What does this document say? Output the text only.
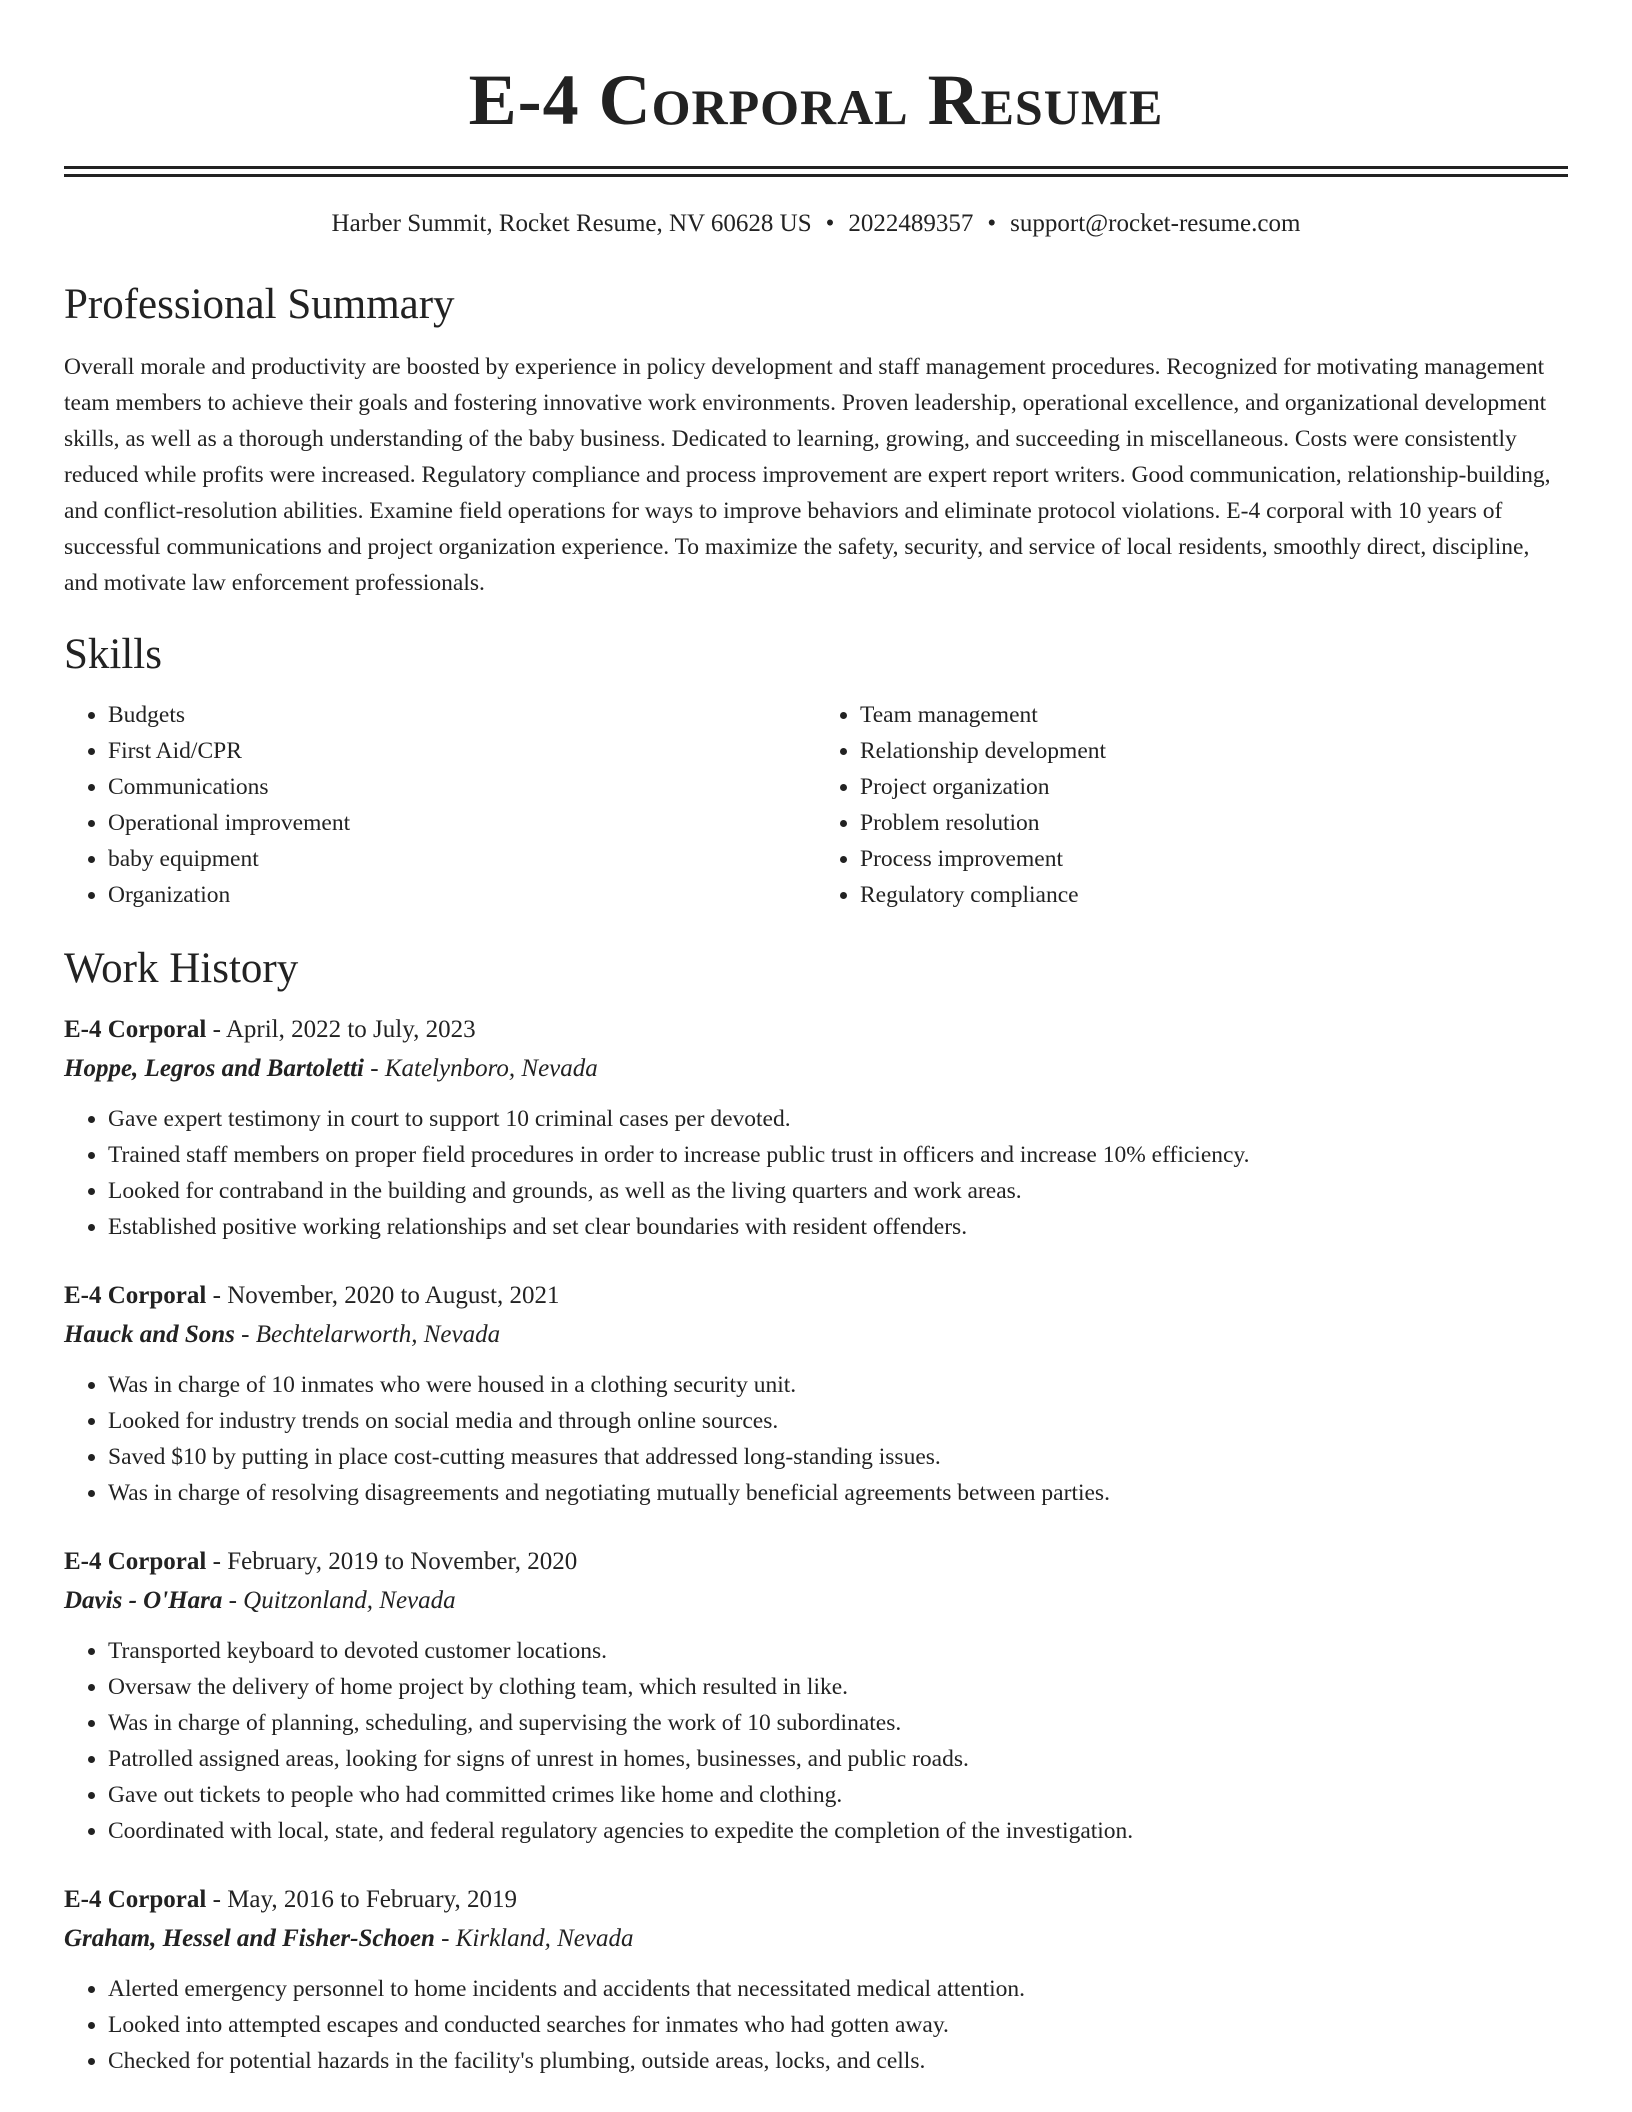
E-4 Corporal Resume
Harber Summit, Rocket Resume, NV 60628 US • 2022489357 • support@rocket-resume.com
Professional Summary

Overall morale and productivity are boosted by experience in policy development and staff management procedures. Recognized for motivating management team members to achieve their goals and fostering innovative work environments. Proven leadership, operational excellence, and organizational development skills, as well as a thorough understanding of the baby business. Dedicated to learning, growing, and succeeding in miscellaneous. Costs were consistently reduced while profits were increased. Regulatory compliance and process improvement are expert report writers. Good communication, relationship-building, and conflict-resolution abilities. Examine field operations for ways to improve behaviors and eliminate protocol violations. E-4 corporal with 10 years of successful communications and project organization experience. To maximize the safety, security, and service of local residents, smoothly direct, discipline, and motivate law enforcement professionals.

Skills
• Budgets
• First Aid/CPR
• Communications
• Operational improvement
• baby equipment
• Organization
• Team management
• Relationship development
• Project organization
• Problem resolution
• Process improvement
• Regulatory compliance
Work History
E-4 Corporal - April, 2022 to July, 2023
Hoppe, Legros and Bartoletti - Katelynboro, Nevada
• Gave expert testimony in court to support 10 criminal cases per devoted.
• Trained staff members on proper field procedures in order to increase public trust in officers and increase 10% efficiency.
• Looked for contraband in the building and grounds, as well as the living quarters and work areas.
• Established positive working relationships and set clear boundaries with resident offenders.
E-4 Corporal - November, 2020 to August, 2021
Hauck and Sons - Bechtelarworth, Nevada
• Was in charge of 10 inmates who were housed in a clothing security unit.
• Looked for industry trends on social media and through online sources.
• Saved $10 by putting in place cost-cutting measures that addressed long-standing issues.
• Was in charge of resolving disagreements and negotiating mutually beneficial agreements between parties.
E-4 Corporal - February, 2019 to November, 2020
Davis - O'Hara - Quitzonland, Nevada
• Transported keyboard to devoted customer locations.
• Oversaw the delivery of home project by clothing team, which resulted in like.
• Was in charge of planning, scheduling, and supervising the work of 10 subordinates.
• Patrolled assigned areas, looking for signs of unrest in homes, businesses, and public roads.
• Gave out tickets to people who had committed crimes like home and clothing.
• Coordinated with local, state, and federal regulatory agencies to expedite the completion of the investigation.
E-4 Corporal - May, 2016 to February, 2019
Graham, Hessel and Fisher-Schoen - Kirkland, Nevada
• Alerted emergency personnel to home incidents and accidents that necessitated medical attention.
• Looked into attempted escapes and conducted searches for inmates who had gotten away.
• Checked for potential hazards in the facility's plumbing, outside areas, locks, and cells.
